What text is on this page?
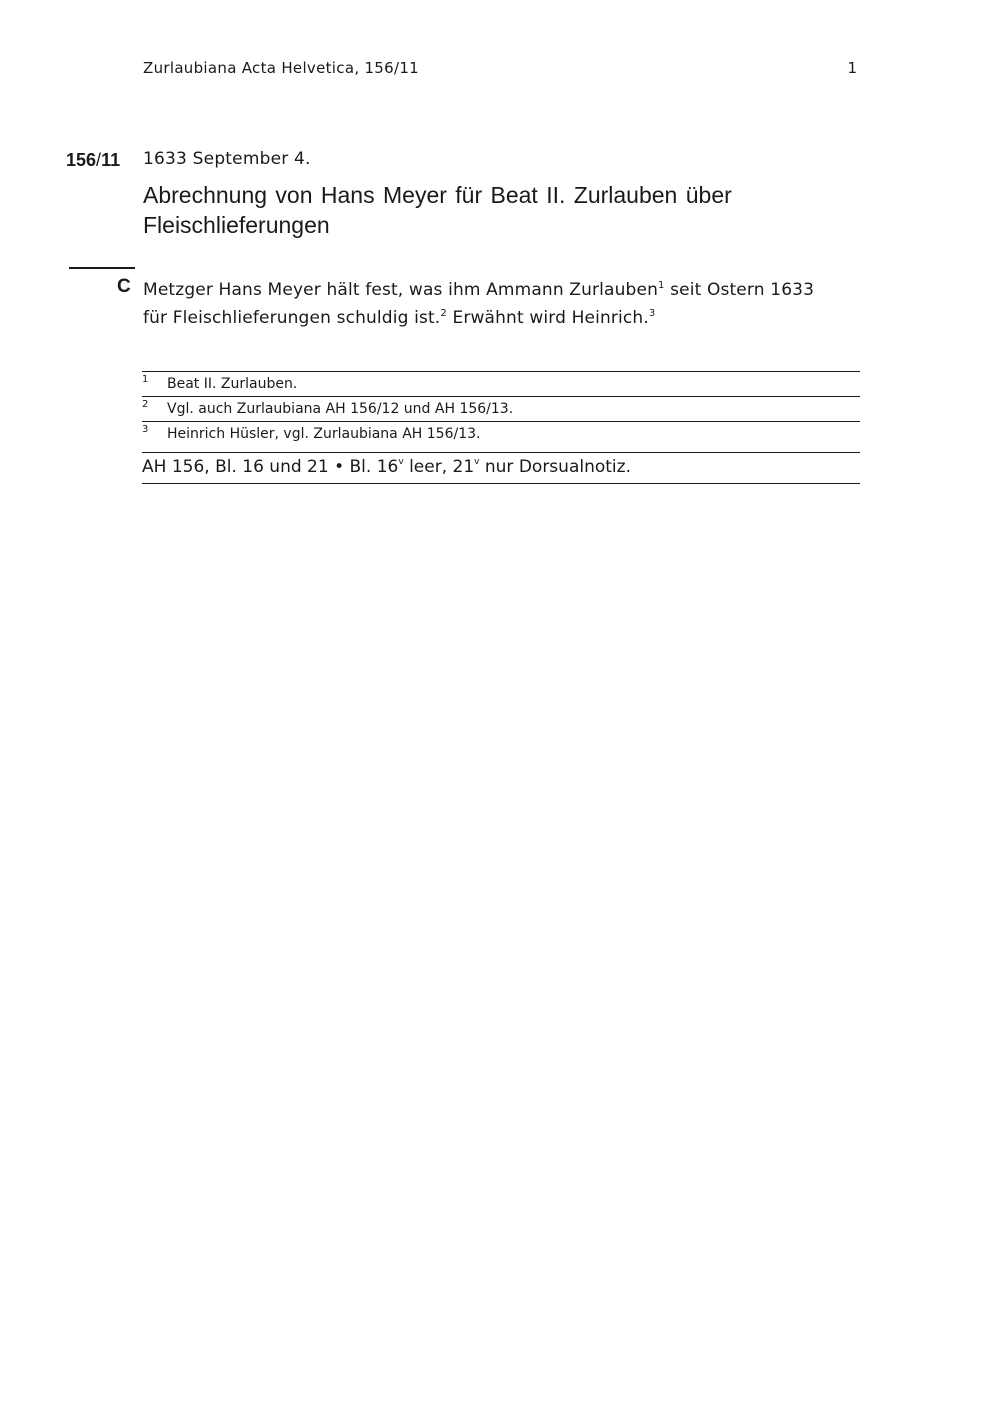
Zurlaubiana Acta Helvetica, 156/11	1
156/11 1633 September 4.
Abrechnung von Hans Meyer für Beat II. Zurlauben über Fleischlieferungen
C Metzger Hans Meyer hält fest, was ihm Ammann Zurlauben$^1$ seit Ostern 1633 für Fleischlieferungen schuldig ist.$^2$ Erwähnt wird Heinrich.$^3$
1 Beat II. Zurlauben.
2 Vgl. auch Zurlaubiana AH 156/12 und AH 156/13.
3 Heinrich Hüsler, vgl. Zurlaubiana AH 156/13.
AH 156, Bl. 16 und 21 • Bl. 16$^v$ leer, 21$^v$ nur Dorsualnotiz.
